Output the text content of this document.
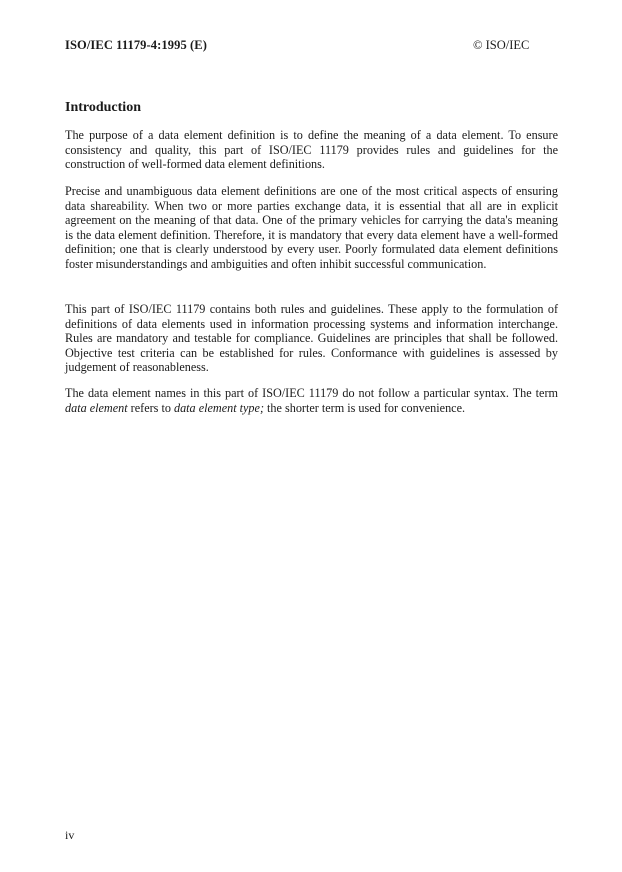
ISO/IEC 11179-4:1995 (E)	© ISO/IEC
Introduction

The purpose of a data element definition is to define the meaning of a data element. To ensure consistency and quality, this part of ISO/IEC 11179 provides rules and guidelines for the construction of well-formed data element definitions.

Precise and unambiguous data element definitions are one of the most critical aspects of ensuring data shareability. When two or more parties exchange data, it is essential that all are in explicit agreement on the meaning of that data. One of the primary vehicles for carrying the data's meaning is the data element definition. Therefore, it is mandatory that every data element have a well-formed definition; one that is clearly understood by every user. Poorly formulated data element definitions foster misunderstandings and ambiguities and often inhibit successful communication.

This part of ISO/IEC 11179 contains both rules and guidelines. These apply to the formulation of definitions of data elements used in information processing systems and information interchange. Rules are mandatory and testable for compliance. Guidelines are principles that shall be followed. Objective test criteria can be established for rules. Conformance with guidelines is assessed by judgement of reasonableness.

The data element names in this part of ISO/IEC 11179 do not follow a particular syntax. The term data element refers to data element type; the shorter term is used for convenience.

iv
